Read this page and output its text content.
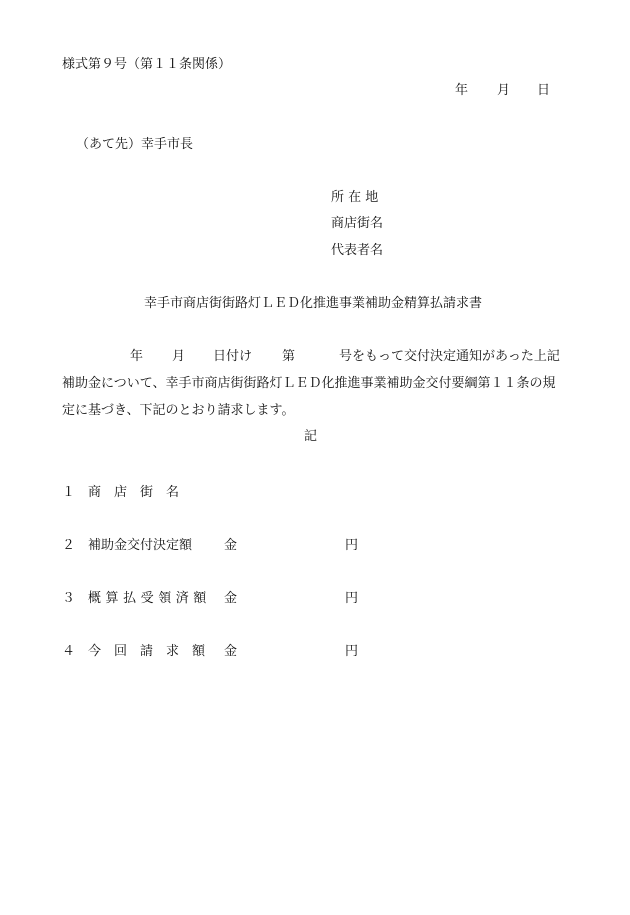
様式第９号（第１１条関係）
年 月 日
（あて先）幸手市長
所 在 地
商店街名
代表者名
幸手市商店街街路灯ＬＥＤ化推進事業補助金精算払請求書
年 月 日付け 第	号をもって交付決定通知があった上記
補助金について、幸手市商店街街路灯ＬＥＤ化推進事業補助金交付要綱第１１条の規
定に基づき、下記のとおり請求します。
記
１ 商　店　街　名
２ 補助金交付決定額 金	円
３ 概算払受領済額 金	円
４ 今　回　請　求　額 金	円
